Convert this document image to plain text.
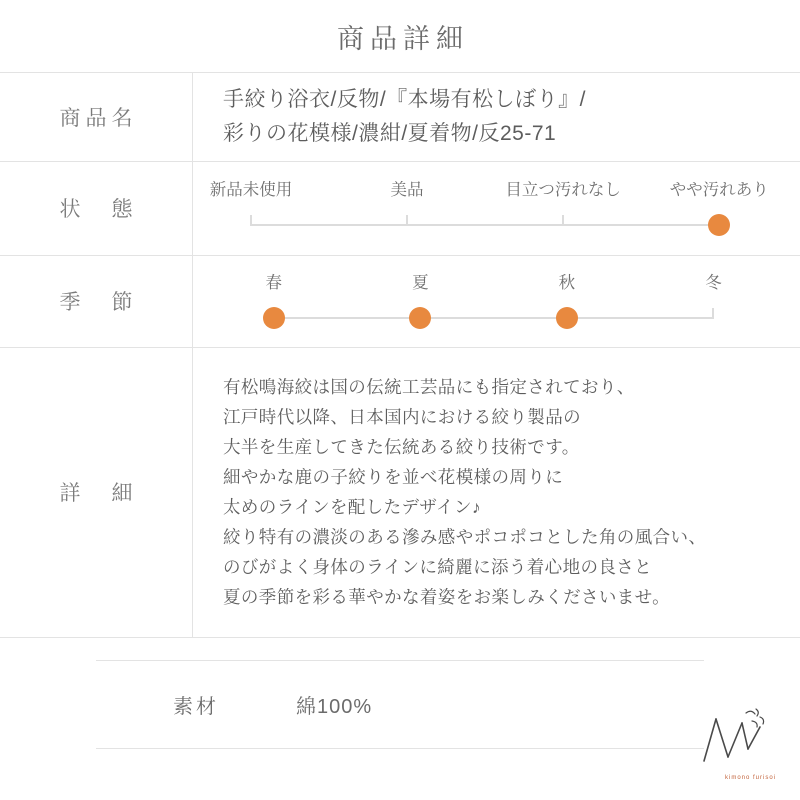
商品詳細
商品名	手絞り浴衣/反物/『本場有松しぼり』/
彩りの花模様/濃紺/夏着物/反25-71

状　態	新品未使用 美品 目立つ汚れなし やや汚れあり

季　節	春 夏 秋 冬

詳　細	
有松鳴海絞は国の伝統工芸品にも指定されており、
江戸時代以降、日本国内における絞り製品の
大半を生産してきた伝統ある絞り技術です。
細やかな鹿の子絞りを並べ花模様の周りに
太めのラインを配したデザイン♪
絞り特有の濃淡のある滲み感やポコポコとした角の風合い、
のびがよく身体のラインに綺麗に添う着心地の良さと
夏の季節を彩る華やかな着姿をお楽しみくださいませ。
素材	綿100%
kimono furisoi
